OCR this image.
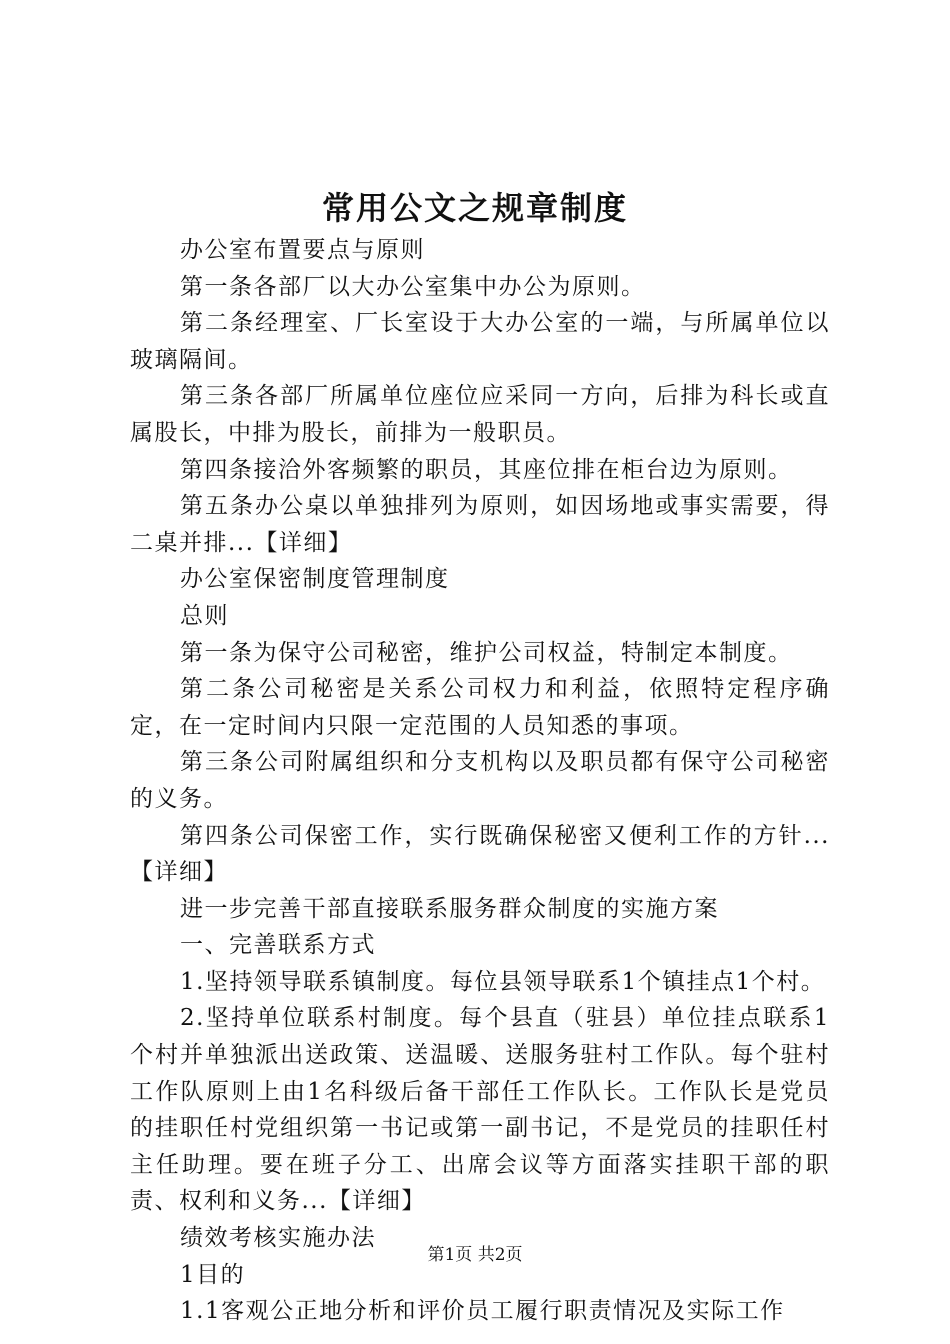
常用公文之规章制度

办公室布置要点与原则

第一条各部厂以大办公室集中办公为原则。

第二条经理室、厂长室设于大办公室的一端，与所属单位以玻璃隔间。

第三条各部厂所属单位座位应采同一方向，后排为科长或直属股长，中排为股长，前排为一般职员。

第四条接洽外客频繁的职员，其座位排在柜台边为原则。

第五条办公桌以单独排列为原则，如因场地或事实需要，得二桌并排...【详细】

办公室保密制度管理制度

总则

第一条为保守公司秘密，维护公司权益，特制定本制度。

第二条公司秘密是关系公司权力和利益，依照特定程序确定，在一定时间内只限一定范围的人员知悉的事项。

第三条公司附属组织和分支机构以及职员都有保守公司秘密的义务。

第四条公司保密工作，实行既确保秘密又便利工作的方针...【详细】

进一步完善干部直接联系服务群众制度的实施方案

一、完善联系方式

1.坚持领导联系镇制度。每位县领导联系1个镇挂点1个村。

2.坚持单位联系村制度。每个县直（驻县）单位挂点联系1个村并单独派出送政策、送温暖、送服务驻村工作队。每个驻村工作队原则上由1名科级后备干部任工作队长。工作队长是党员的挂职任村党组织第一书记或第一副书记，不是党员的挂职任村主任助理。要在班子分工、出席会议等方面落实挂职干部的职责、权利和义务...【详细】

绩效考核实施办法

1目的

1.1客观公正地分析和评价员工履行职责情况及实际工作

第1页 共2页
